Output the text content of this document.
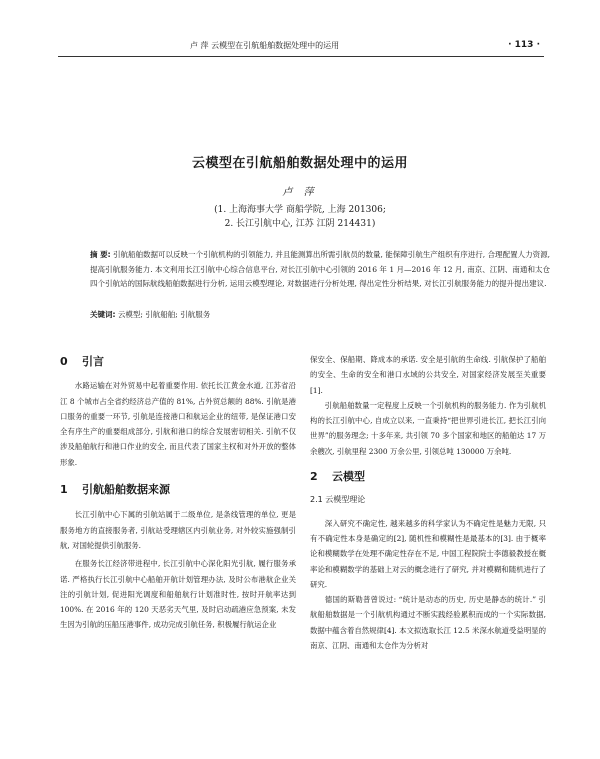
卢 萍 云模型在引航船舶数据处理中的运用	· 113 ·
云模型在引航船舶数据处理中的运用
卢 萍
(1. 上海海事大学 商船学院, 上海 201306;
2. 长江引航中心, 江苏 江阴 214431)
摘 要: 引航船舶数据可以反映一个引航机构的引领能力, 并且能测算出所需引航员的数量, 能保障引航生产组织有序进行, 合理配置人力资源, 提高引航服务能力. 本文利用长江引航中心综合信息平台, 对长江引航中心引领的 2016 年 1 月—2016 年 12 月, 南京、江阴、南通和太仓四个引航站的国际航线船舶数据进行分析, 运用云模型理论, 对数据进行分析处理, 得出定性分析结果, 对长江引航服务能力的提升提出建议.
关键词: 云模型; 引航船舶; 引航服务
0 引言

水路运输在对外贸易中起着重要作用. 依托长江黄金水道, 江苏省沿江 8 个城市占全省约经济总产值的 81%, 占外贸总额的 88%. 引航是港口服务的重要一环节, 引航是连接港口和航运企业的纽带, 是保证港口安全有序生产的重要组成部分, 引航和港口的综合发展密切相关. 引航不仅涉及船舶航行和港口作业的安全, 而且代表了国家主权和对外开放的整体形象.

1 引航船舶数据来源

长江引航中心下属的引航站属于二级单位, 是条线管理的单位, 更是服务地方的直接服务者, 引航站受理辖区内引航业务, 对外较实施强制引航, 对国轮提供引航服务.

在服务长江经济带进程中, 长江引航中心深化阳光引航, 履行服务承诺. 严格执行长江引航中心船舶开航计划管理办法, 及时公布港航企业关注的引航计划, 促进阳光调度和船舶航行计划准时性, 按时开航率达到 100%. 在 2016 年的 120 天恶劣天气里, 及时启动疏港应急预案, 未发生因为引航的压船压港事件, 成功完成引航任务, 积极履行航运企业

保安全、保船期、降成本的承诺. 安全是引航的生命线. 引航保护了船舶的安全、生命的安全和港口水域的公共安全, 对国家经济发展至关重要[1].

引航船舶数量一定程度上反映一个引航机构的服务能力. 作为引航机构的长江引航中心, 自成立以来, 一直秉持“把世界引进长江, 把长江引向世界”的服务理念; 十多年来, 共引领 70 多个国家和地区的船舶达 17 万余艘次, 引航里程 2300 万余公里, 引领总吨 130000 万余吨.

2 云模型
2.1 云模型理论

深入研究不确定性, 越来越多的科学家认为不确定性是魅力无限, 只有不确定性本身是确定的[2], 随机性和模糊性是最基本的[3]. 由于概率论和模糊数学在处理不确定性存在不足, 中国工程院院士李德毅教授在概率论和模糊数学的基础上对云的概念进行了研究, 并对模糊和随机进行了研究.

德国的斯勒普曾说过: “统计是动态的历史, 历史是静态的统计.” 引航船舶数据是一个引航机构通过不断实践经验累积而成的一个实际数据, 数据中蕴含着自然规律[4]. 本文拟选取长江 12.5 米深水航道受益明显的南京、江阴、南通和太仓作为分析对
